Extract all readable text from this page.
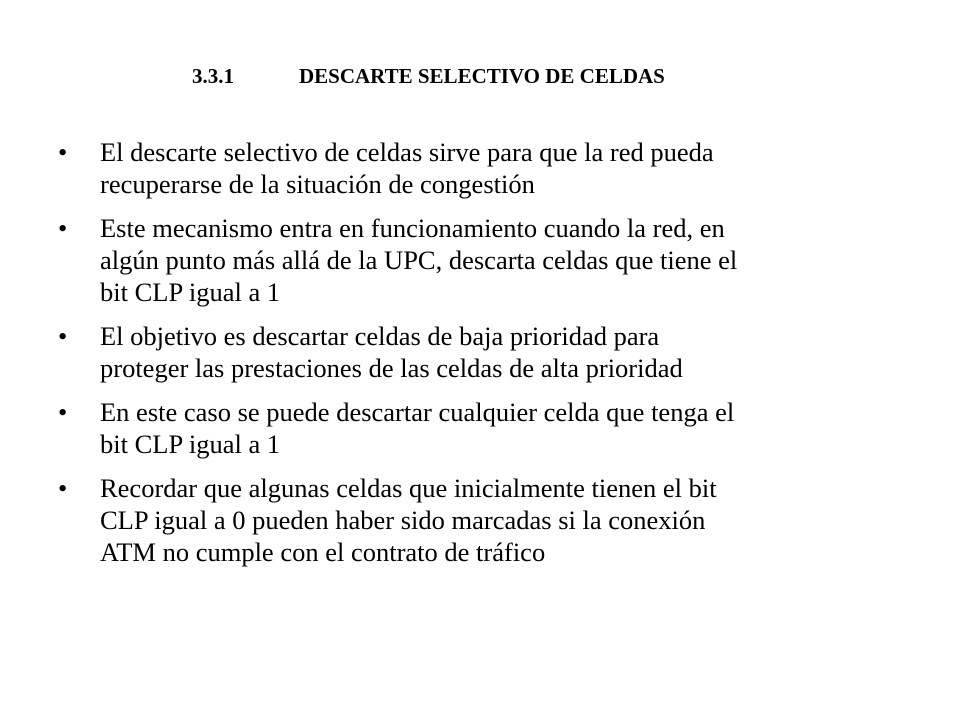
3.3.1	DESCARTE SELECTIVO DE CELDAS
•	El descarte selectivo de celdas sirve para que la red pueda
recuperarse de la situación de congestión
•	Este mecanismo entra en funcionamiento cuando la red, en
algún punto más allá de la UPC, descarta celdas que tiene el
bit CLP igual a 1
•	El objetivo es descartar celdas de baja prioridad para
proteger las prestaciones de las celdas de alta prioridad
•	En este caso se puede descartar cualquier celda que tenga el
bit CLP igual a 1
•	Recordar que algunas celdas que inicialmente tienen el bit
CLP igual a 0 pueden haber sido marcadas si la conexión
ATM no cumple con el contrato de tráfico
